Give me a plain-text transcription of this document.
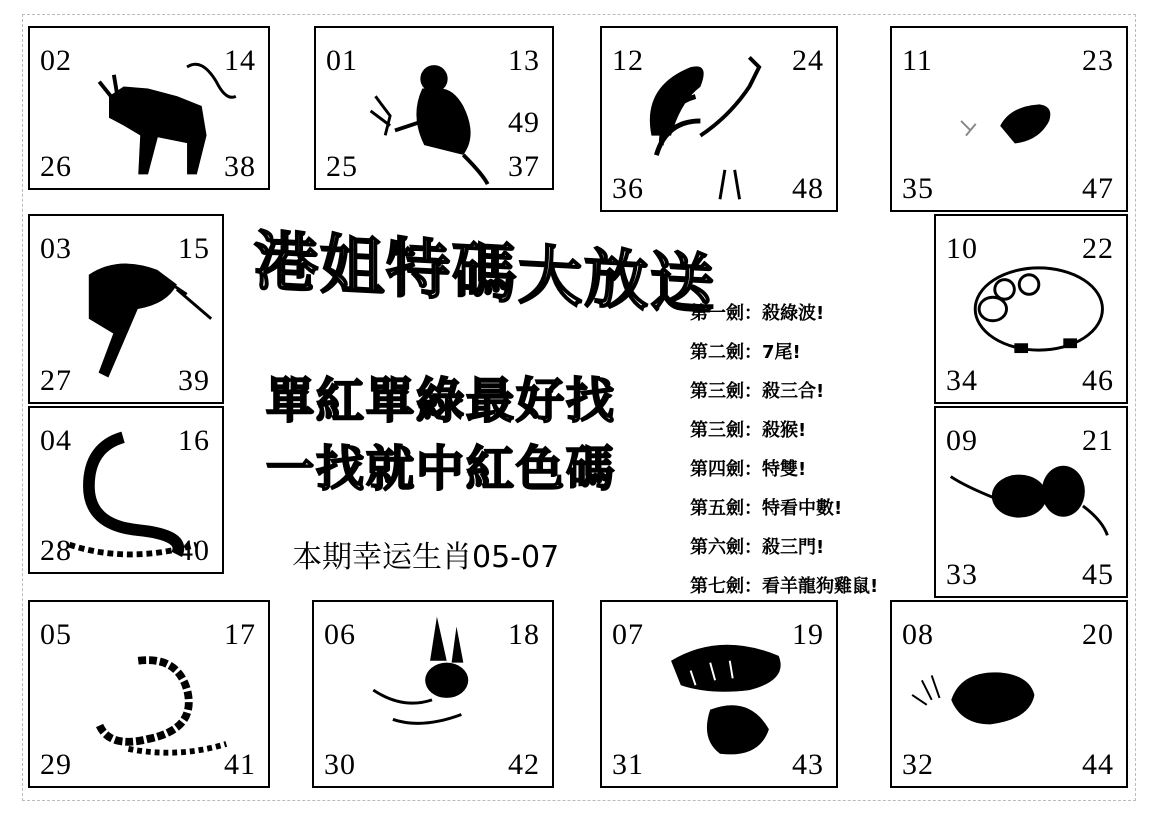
02	14
26	38
01	13
49
25	37
12	24
36	48
11	23
35	47
03	15
27	39
10	22
34	46
04	16
28	40
09	21
33	45
港姐特碼大放送
單紅單綠最好找
一找就中紅色碼
本期幸运生肖05-07
第一劍：殺綠波!
第二劍：7尾!
第三劍：殺三合!
第三劍：殺猴!
第四劍：特雙!
第五劍：特看中數!
第六劍：殺三門!
第七劍：看羊龍狗雞鼠!
05	17
29	41
06	18
30	42
07	19
31	43
08	20
32	44
